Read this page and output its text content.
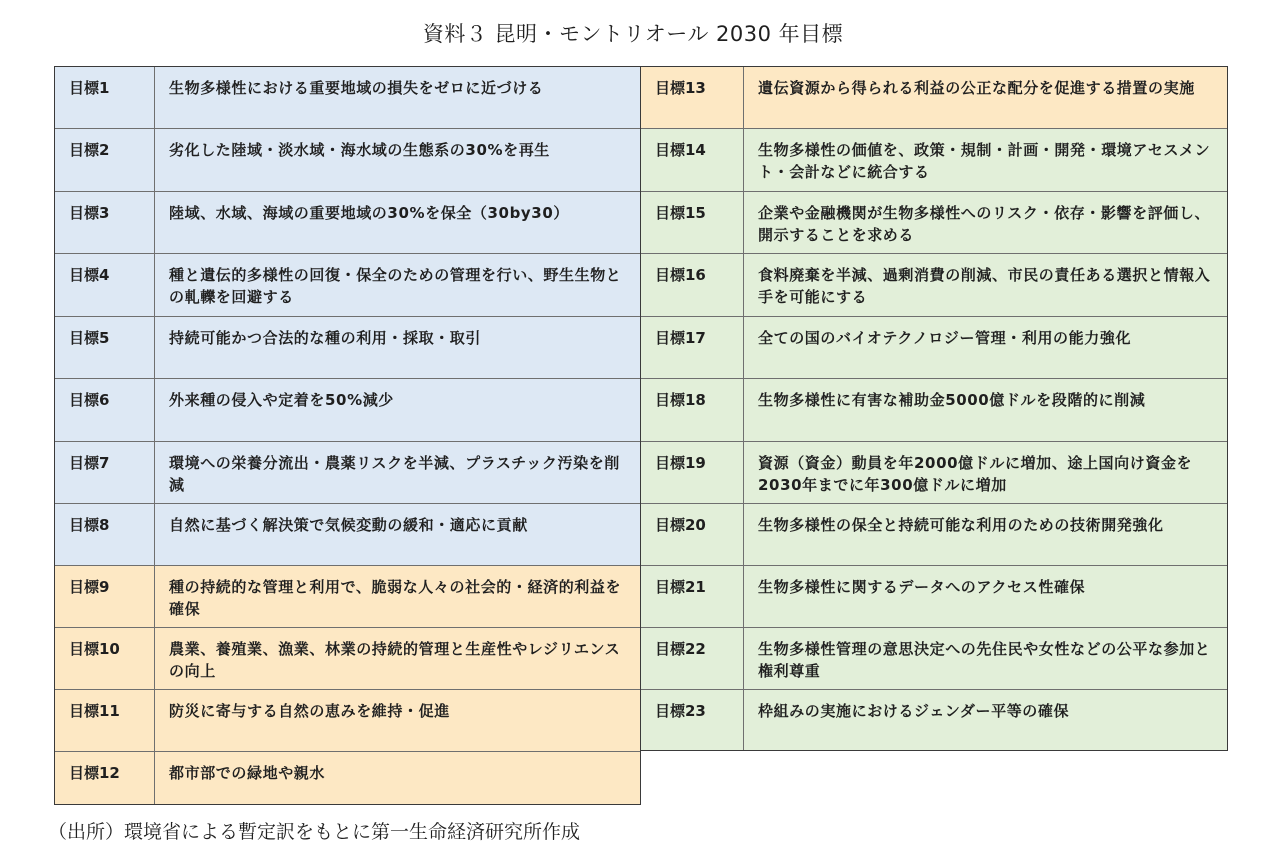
資料３ 昆明・モントリオール 2030 年目標
目標1	生物多様性における重要地域の損失をゼロに近づける
目標2	劣化した陸域・淡水域・海水域の生態系の30%を再生
目標3	陸域、水域、海域の重要地域の30%を保全（30by30）
目標4	種と遺伝的多様性の回復・保全のための管理を行い、野生生物との軋轢を回避する
目標5	持続可能かつ合法的な種の利用・採取・取引
目標6	外来種の侵入や定着を50%減少
目標7	環境への栄養分流出・農薬リスクを半減、プラスチック汚染を削減
目標8	自然に基づく解決策で気候変動の緩和・適応に貢献
目標9	種の持続的な管理と利用で、脆弱な人々の社会的・経済的利益を確保
目標10	農業、養殖業、漁業、林業の持続的管理と生産性やレジリエンスの向上
目標11	防災に寄与する自然の恵みを維持・促進
目標12	都市部での緑地や親水
目標13	遺伝資源から得られる利益の公正な配分を促進する措置の実施
目標14	生物多様性の価値を、政策・規制・計画・開発・環境アセスメント・会計などに統合する
目標15	企業や金融機関が生物多様性へのリスク・依存・影響を評価し、開示することを求める
目標16	食料廃棄を半減、過剰消費の削減、市民の責任ある選択と情報入手を可能にする
目標17	全ての国のバイオテクノロジー管理・利用の能力強化
目標18	生物多様性に有害な補助金5000億ドルを段階的に削減
目標19	資源（資金）動員を年2000億ドルに増加、途上国向け資金を2030年までに年300億ドルに増加
目標20	生物多様性の保全と持続可能な利用のための技術開発強化
目標21	生物多様性に関するデータへのアクセス性確保
目標22	生物多様性管理の意思決定への先住民や女性などの公平な参加と権利尊重
目標23	枠組みの実施におけるジェンダー平等の確保
（出所）環境省による暫定訳をもとに第一生命経済研究所作成
